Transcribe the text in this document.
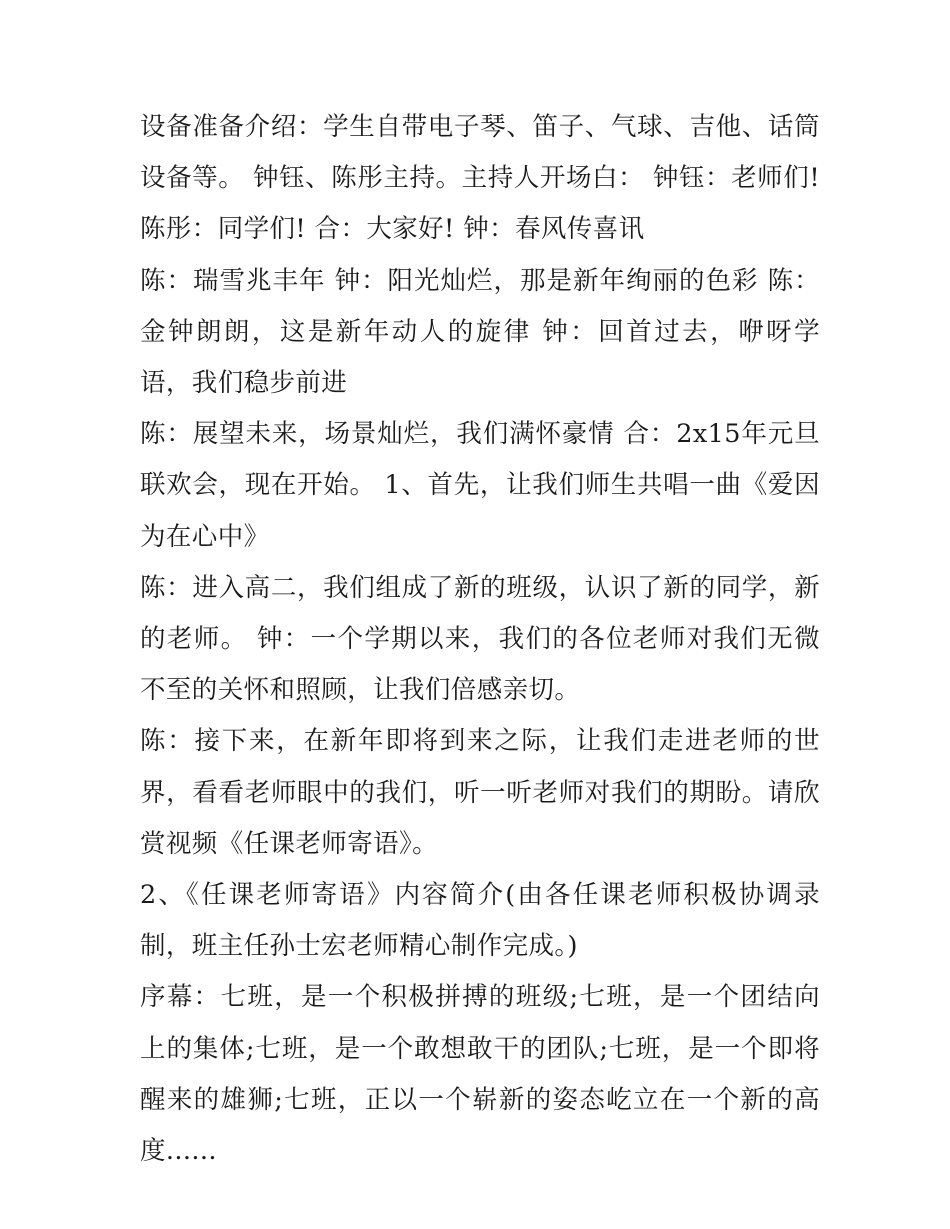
设备准备介绍：学生自带电子琴、笛子、气球、吉他、话筒设备等。 钟钰、陈彤主持。主持人开场白： 钟钰：老师们! 陈彤：同学们! 合：大家好! 钟：春风传喜讯

陈：瑞雪兆丰年 钟：阳光灿烂，那是新年绚丽的色彩 陈：金钟朗朗，这是新年动人的旋律 钟：回首过去，咿呀学语，我们稳步前进

陈：展望未来，场景灿烂，我们满怀豪情 合：2x15年元旦联欢会，现在开始。 1、首先，让我们师生共唱一曲《爱因为在心中》

陈：进入高二，我们组成了新的班级，认识了新的同学，新的老师。 钟：一个学期以来，我们的各位老师对我们无微不至的关怀和照顾，让我们倍感亲切。

陈：接下来，在新年即将到来之际，让我们走进老师的世界，看看老师眼中的我们，听一听老师对我们的期盼。请欣赏视频《任课老师寄语》。

2、《任课老师寄语》内容简介(由各任课老师积极协调录制，班主任孙士宏老师精心制作完成。)

序幕：七班，是一个积极拼搏的班级;七班，是一个团结向上的集体;七班，是一个敢想敢干的团队;七班，是一个即将醒来的雄狮;七班，正以一个崭新的姿态屹立在一个新的高度......
